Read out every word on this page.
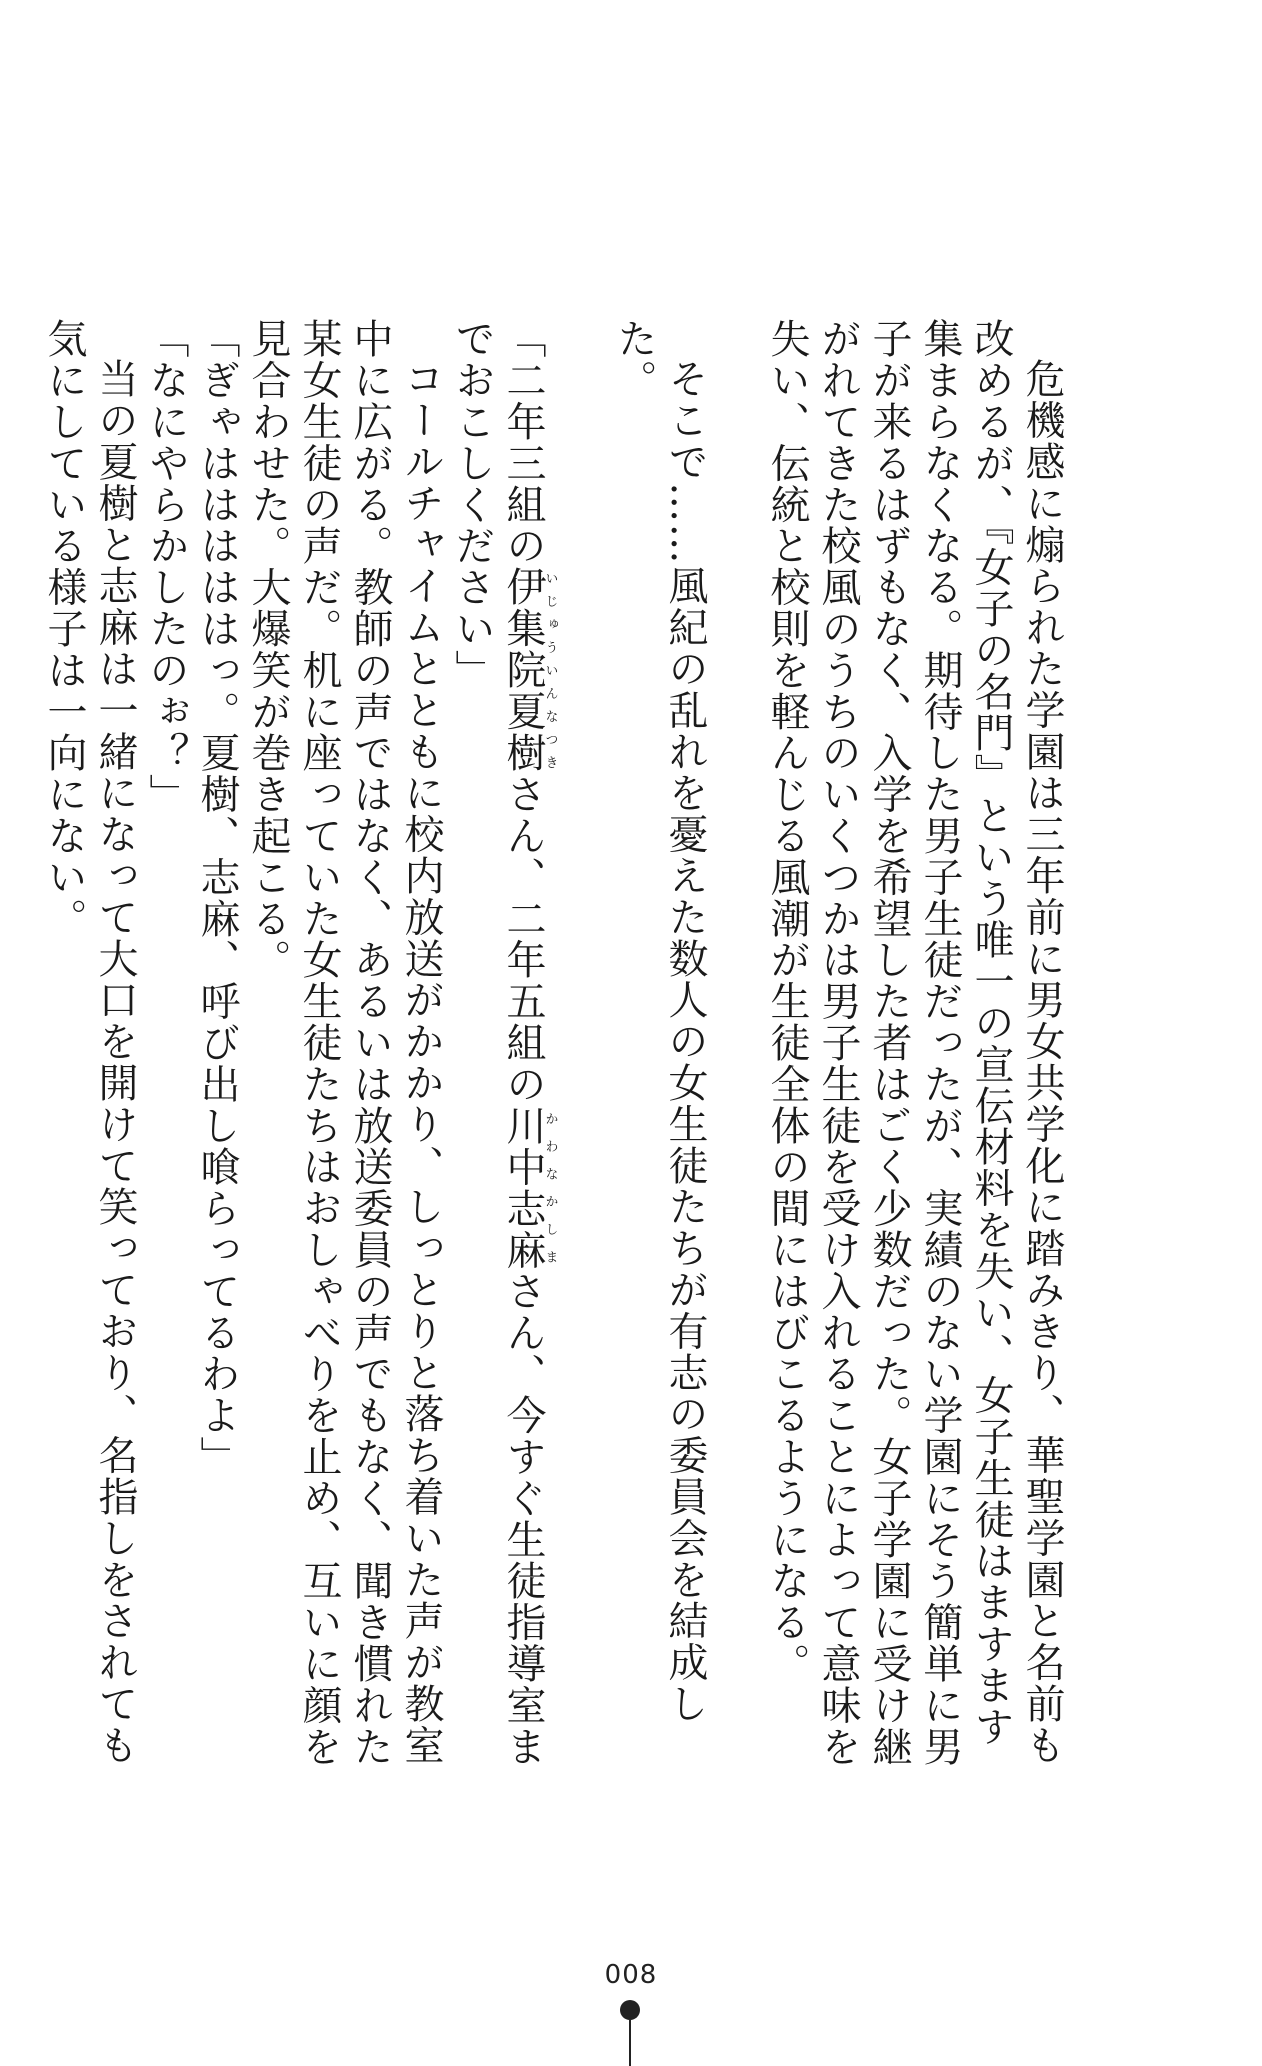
危機感に煽られた学園は三年前に男女共学化に踏みきり、華聖学園と名前も改めるが、『女子の名門』という唯一の宣伝材料を失い、女子生徒はますます集まらなくなる。期待した男子生徒だったが、実績のない学園にそう簡単に男子が来るはずもなく、入学を希望した者はごく少数だった。女子学園に受け継がれてきた校風のうちのいくつかは男子生徒を受け入れることによって意味を失い、伝統と校則を軽んじる風潮が生徒全体の間にはびこるようになる。

そこで……風紀の乱れを憂えた数人の女生徒たちが有志の委員会を結成した。

「二年三組の伊集院夏樹いじゅういんなつきさん、二年五組の川中志麻かわなかしまさん、今すぐ生徒指導室までおこしください」

コールチャイムとともに校内放送がかかり、しっとりと落ち着いた声が教室中に広がる。教師の声ではなく、あるいは放送委員の声でもなく、聞き慣れた某女生徒の声だ。机に座っていた女生徒たちはおしゃべりを止め、互いに顔を見合わせた。大爆笑が巻き起こる。

「ぎゃはははははっ。夏樹、志麻、呼び出し喰らってるわよ」

「なにやらかしたのぉ？」

当の夏樹と志麻は一緒になって大口を開けて笑っており、名指しをされても気にしている様子は一向にない。

008
